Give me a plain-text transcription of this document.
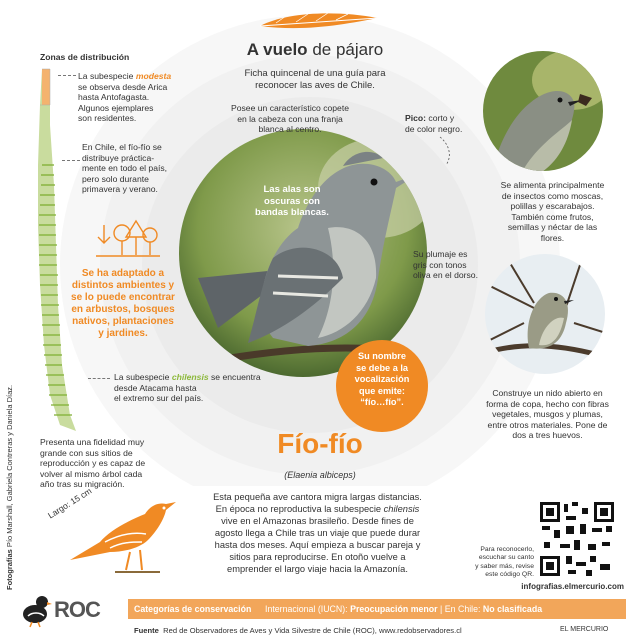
A vuelo de pájaro
Ficha quincenal de una guía para
reconocer las aves de Chile.
Zonas de distribución
La subespecie modesta
se observa desde Arica
hasta Antofagasta.
Algunos ejemplares
son residentes.
En Chile, el fío-fío se
distribuye práctica-
mente en todo el país,
pero solo durante
primavera y verano.
Se ha adaptado a
distintos ambientes y
se lo puede encontrar
en arbustos, bosques
nativos, plantaciones
y jardines.
La subespecie chilensis se encuentra
desde Atacama hasta
el extremo sur del país.
Fotografías Pío Marshall, Gabriela Contreras y Daniela Díaz.
Posee un característico copete
en la cabeza con una franja
blanca al centro.
Pico: corto y
de color negro.
Las alas son
oscuras con
bandas blancas.
Su plumaje es
gris con tonos
oliva en el dorso.
Su nombre
se debe a la
vocalización
que emite:
“fío…fío”.
Se alimenta principalmente
de insectos como moscas,
polillas y escarabajos.
También come frutos,
semillas y néctar de las
flores.
Construye un nido abierto en
forma de copa, hecho con fibras
vegetales, musgos y plumas,
entre otros materiales. Pone de
dos a tres huevos.
Fío-fío
(Elaenia albiceps)
Presenta una fidelidad muy
grande con sus sitios de
reproducción y es capaz de
volver al mismo árbol cada
año tras su migración.
Largo: 15 cm	Esta pequeña ave cantora migra largas distancias.
En época no reproductiva la subespecie chilensis
vive en el Amazonas brasileño. Desde fines de
agosto llega a Chile tras un viaje que puede durar
hasta dos meses. Aquí empieza a buscar pareja y
sitios para reproducirse. En otoño vuelve a
emprender el largo viaje hacia la Amazonía.
Para reconocerlo,
escuchar su canto
y saber más, revise
este código QR.
infografias.elmercurio.com
ROC	Categorías de conservación Internacional (IUCN): Preocupación menor | En Chile: No clasificada
Fuente Red de Observadores de Aves y Vida Silvestre de Chile (ROC), www.redobservadores.cl	EL MERCURIO
